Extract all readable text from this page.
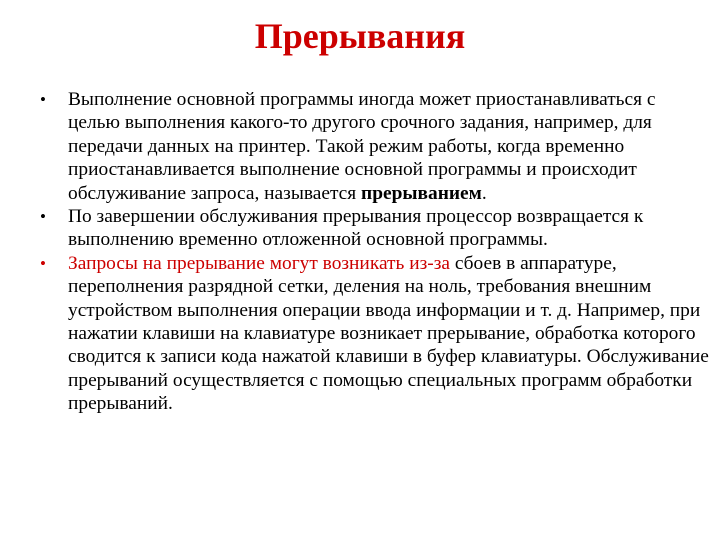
Прерывания
•	Выполнение основной программы иногда может приостанавливаться с целью выполнения какого-то другого срочного задания, например, для передачи данных на принтер. Такой режим работы, когда временно приостанавливается выполнение основной программы и происходит обслуживание запроса, называется прерыванием.
•	По завершении обслуживания прерывания процессор возвращается к выполнению временно отложенной основной программы.
•	Запросы на прерывание могут возникать из-за сбоев в аппаратуре, переполнения разрядной сетки, деления на ноль, требования внешним устройством выполнения операции ввода информации и т. д. Например, при нажатии клавиши на клавиатуре возникает прерывание, обработка которого сводится к записи кода нажатой клавиши в буфер клавиатуры. Обслуживание прерываний осуществляется с помощью специальных программ обработки прерываний.
